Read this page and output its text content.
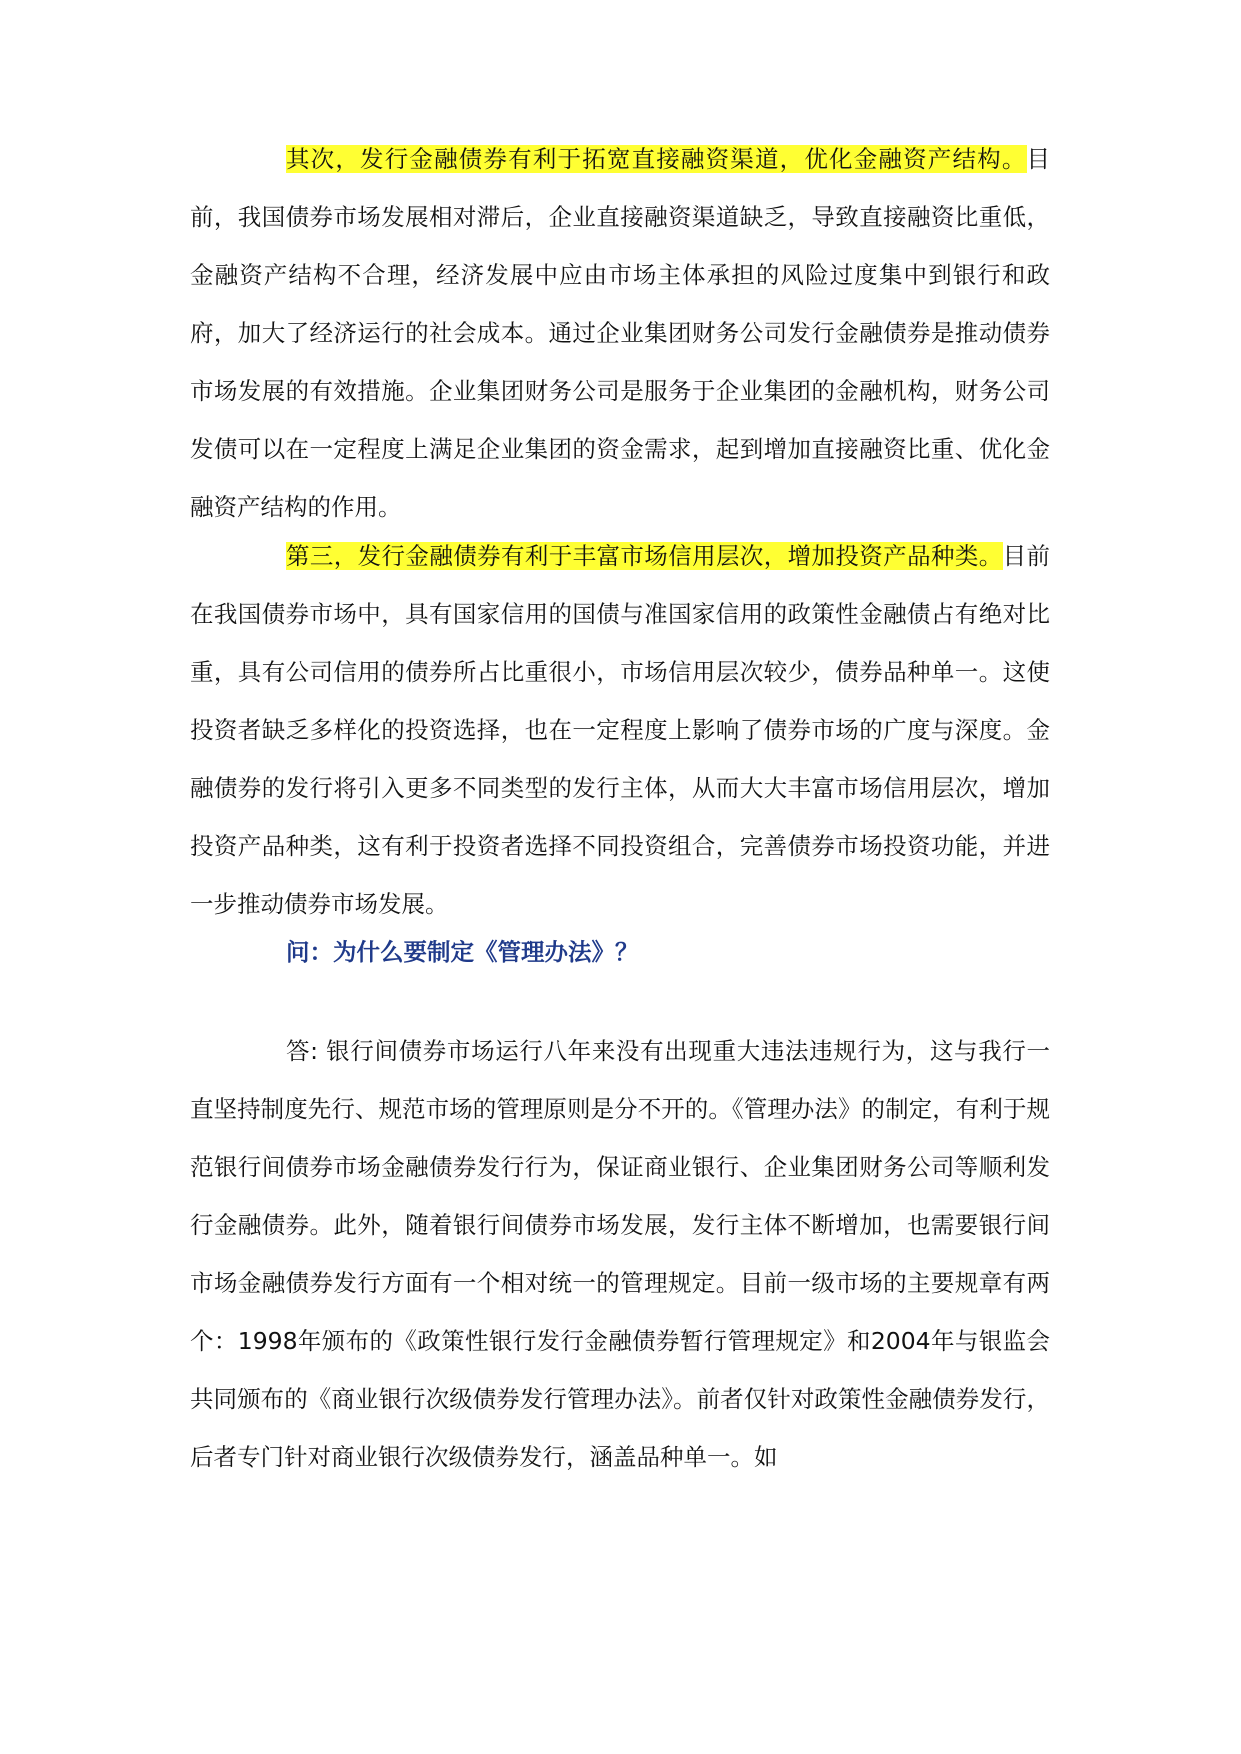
其次，发行金融债券有利于拓宽直接融资渠道，优化金融资产结构。目前，我国债券市场发展相对滞后，企业直接融资渠道缺乏，导致直接融资比重低，金融资产结构不合理，经济发展中应由市场主体承担的风险过度集中到银行和政府，加大了经济运行的社会成本。通过企业集团财务公司发行金融债券是推动债券市场发展的有效措施。企业集团财务公司是服务于企业集团的金融机构，财务公司发债可以在一定程度上满足企业集团的资金需求，起到增加直接融资比重、优化金融资产结构的作用。

第三，发行金融债券有利于丰富市场信用层次，增加投资产品种类。目前在我国债券市场中，具有国家信用的国债与准国家信用的政策性金融债占有绝对比重，具有公司信用的债券所占比重很小，市场信用层次较少，债券品种单一。这使投资者缺乏多样化的投资选择，也在一定程度上影响了债券市场的广度与深度。金融债券的发行将引入更多不同类型的发行主体，从而大大丰富市场信用层次，增加投资产品种类，这有利于投资者选择不同投资组合，完善债券市场投资功能，并进一步推动债券市场发展。

问：为什么要制定《管理办法》？

答: 银行间债券市场运行八年来没有出现重大违法违规行为，这与我行一直坚持制度先行、规范市场的管理原则是分不开的。《管理办法》的制定，有利于规范银行间债券市场金融债券发行行为，保证商业银行、企业集团财务公司等顺利发行金融债券。此外，随着银行间债券市场发展，发行主体不断增加，也需要银行间市场金融债券发行方面有一个相对统一的管理规定。目前一级市场的主要规章有两个：1998年颁布的《政策性银行发行金融债券暂行管理规定》和2004年与银监会共同颁布的《商业银行次级债券发行管理办法》。前者仅针对政策性金融债券发行，后者专门针对商业银行次级债券发行，涵盖品种单一。如
